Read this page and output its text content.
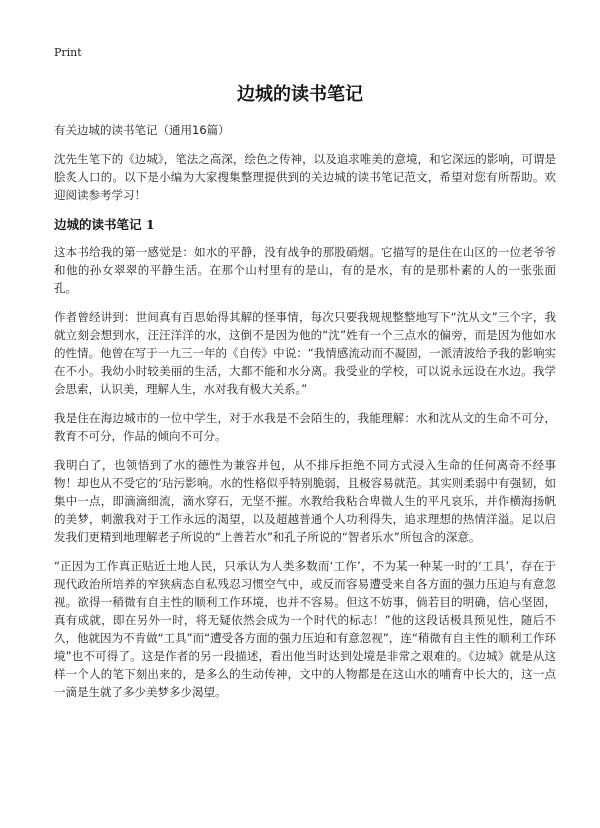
Print
边城的读书笔记

有关边城的读书笔记（通用16篇）

沈先生笔下的《边城》，笔法之高深，绘色之传神，以及追求唯美的意境，和它深远的影响，可谓是脍炙人口的。以下是小编为大家搜集整理提供到的关边城的读书笔记范文，希望对您有所帮助。欢迎阅读参考学习！

边城的读书笔记 1

这本书给我的第一感觉是：如水的平静，没有战争的那股硝烟。它描写的是住在山区的一位老爷爷和他的孙女翠翠的平静生活。在那个山村里有的是山，有的是水，有的是那朴素的人的一张张面孔。

作者曾经讲到：世间真有百思始得其解的怪事情，每次只要我规规整整地写下“沈从文”三个字，我就立刻会想到水，汪汪洋洋的水，这倒不是因为他的“沈”姓有一个三点水的偏旁，而是因为他如水的性情。他曾在写于一九三一年的《自传》中说：“我情感流动而不凝固，一派清波给予我的影响实在不小。我幼小时较美丽的生活，大都不能和水分离。我受业的学校，可以说永远设在水边。我学会思索，认识美，理解人生，水对我有极大关系。”

我是住在海边城市的一位中学生，对于水我是不会陌生的，我能理解：水和沈从文的生命不可分，教育不可分，作品的倾向不可分。

我明白了，也领悟到了水的德性为兼容并包，从不排斥拒绝不同方式浸入生命的任何离奇不经事物！却也从不受它的‘玷污影响。水的性格似乎特别脆弱，且极容易就范。其实则柔弱中有强韧，如集中一点，即滴滴细流，滴水穿石，无坚不摧。水教给我粘合卑微人生的平凡哀乐，并作横海扬帆的美梦，刺激我对于工作永远的渴望，以及超越普通个人功利得失，追求理想的热情洋溢。足以启发我们更精到地理解老子所说的“上善若水”和孔子所说的“智者乐水”所包含的深意。

“正因为工作真正贴近土地人民，只承认为人类多数而‘工作’，不为某一种某一时的‘工具’，存在于现代政治所培养的窄狭病态自私残忍习惯空气中，或反而容易遭受来自各方面的强力压迫与有意忽视。欲得一稍微有自主性的顺利工作环境，也并不容易。但这不妨事，倘若目的明确，信心坚固，真有成就，即在另外一时，将无疑依然会成为一个时代的标志！”他的这段话极具预见性，随后不久，他就因为不肯做“工具”而“遭受各方面的强力压迫和有意忽视”，连“稍微有自主性的顺利工作环境”也不可得了。这是作者的另一段描述，看出他当时达到处境是非常之艰难的。《边城》就是从这样一个人的笔下刻出来的，是多么的生动传神，文中的人物都是在这山水的哺育中长大的，这一点一滴是生就了多少美梦多少渴望。
